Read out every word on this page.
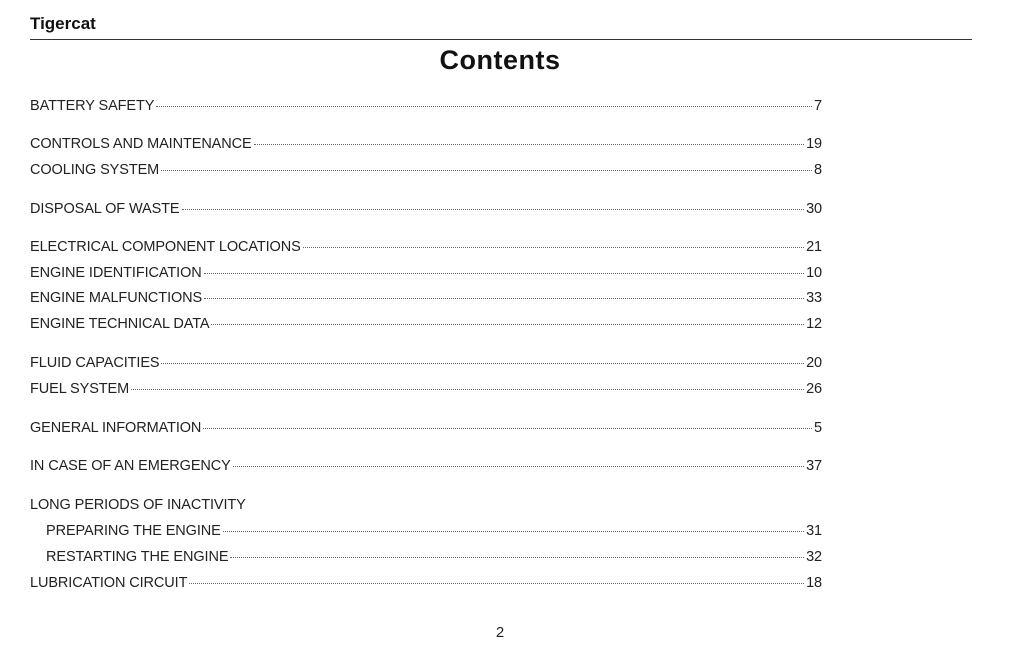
Tigercat
Contents
BATTERY SAFETY	7
CONTROLS AND MAINTENANCE	19
COOLING SYSTEM	8
DISPOSAL OF WASTE	30
ELECTRICAL COMPONENT LOCATIONS	21
ENGINE IDENTIFICATION	10
ENGINE MALFUNCTIONS	33
ENGINE TECHNICAL DATA	12
FLUID CAPACITIES	20
FUEL SYSTEM	26
GENERAL INFORMATION	5
IN CASE OF AN EMERGENCY	37
LONG PERIODS OF INACTIVITY
PREPARING THE ENGINE	31
RESTARTING THE ENGINE	32
LUBRICATION CIRCUIT	18
2
